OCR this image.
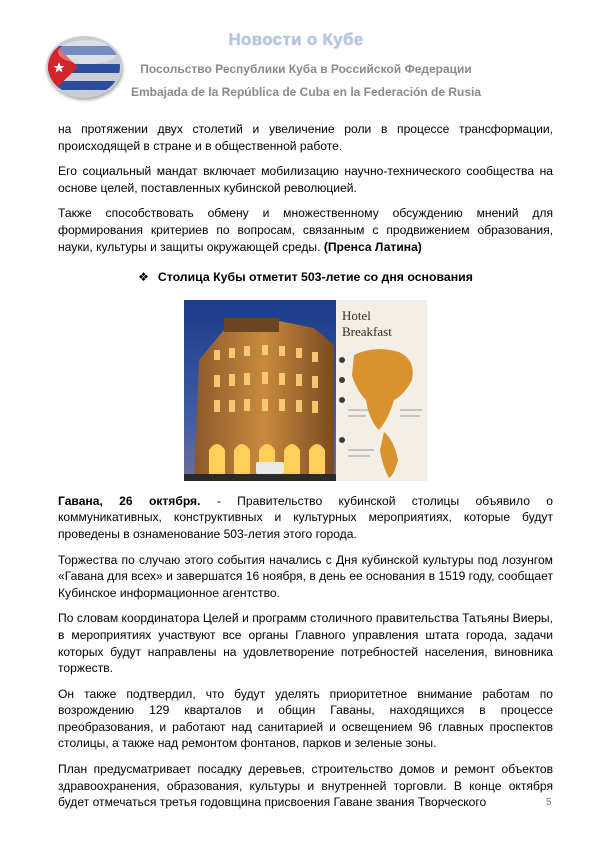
Новости о Кубе
Посольство Республики Куба в Российской Федерации
Embajada de la República de Cuba en la Federación de Rusia

на протяжении двух столетий и увеличение роли в процессе трансформации, происходящей в стране и в общественной работе.

Его социальный мандат включает мобилизацию научно-технического сообщества на основе целей, поставленных кубинской революцией.

Также способствовать обмену и множественному обсуждению мнений для формирования критериев по вопросам, связанным с продвижением образования, науки, культуры и защиты окружающей среды. (Пренса Латина)

❖ Столица Кубы отметит 503-летие со дня основания
Hotel
Breakfast

Гавана, 26 октября. - Правительство кубинской столицы объявило о коммуникативных, конструктивных и культурных мероприятиях, которые будут проведены в ознаменование 503-летия этого города.

Торжества по случаю этого события начались с Дня кубинской культуры под лозунгом «Гавана для всех» и завершатся 16 ноября, в день ее основания в 1519 году, сообщает Кубинское информационное агентство.

По словам координатора Целей и программ столичного правительства Татьяны Виеры, в мероприятиях участвуют все органы Главного управления штата города, задачи которых будут направлены на удовлетворение потребностей населения, виновника торжеств.

Он также подтвердил, что будут уделять приоритетное внимание работам по возрождению 129 кварталов и общин Гаваны, находящихся в процессе преобразования, и работают над санитарией и освещением 96 главных проспектов столицы, а также над ремонтом фонтанов, парков и зеленые зоны.

План предусматривает посадку деревьев, строительство домов и ремонт объектов здравоохранения, образования, культуры и внутренней торговли. В конце октября будет отмечаться третья годовщина присвоения Гаване звания Творческого	5
